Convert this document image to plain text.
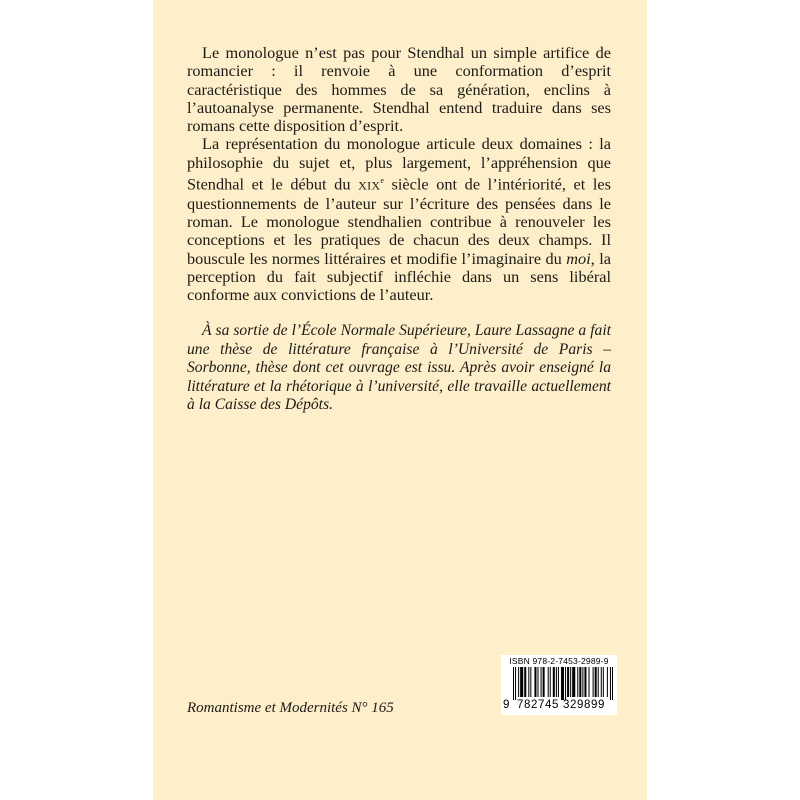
Le monologue n’est pas pour Stendhal un simple artifice de romancier : il renvoie à une conformation d’esprit caractéristique des hommes de sa génération, enclins à l’autoanalyse permanente. Stendhal entend traduire dans ses romans cette disposition d’esprit.

La représentation du monologue articule deux domaines : la philosophie du sujet et, plus largement, l’appréhension que Stendhal et le début du XIXe siècle ont de l’intériorité, et les questionnements de l’auteur sur l’écriture des pensées dans le roman. Le monologue stendhalien contribue à renouveler les conceptions et les pratiques de chacun des deux champs. Il bouscule les normes littéraires et modifie l’imaginaire du moi, la perception du fait subjectif infléchie dans un sens libéral conforme aux convictions de l’auteur.

À sa sortie de l’École Normale Supérieure, Laure Lassagne a fait une thèse de littérature française à l’Université de Paris – Sorbonne, thèse dont cet ouvrage est issu. Après avoir enseigné la littérature et la rhétorique à l’université, elle travaille actuellement à la Caisse des Dépôts.

Romantisme et Modernités N° 165
ISBN 978-2-7453-2989-9
9 782745 329899
